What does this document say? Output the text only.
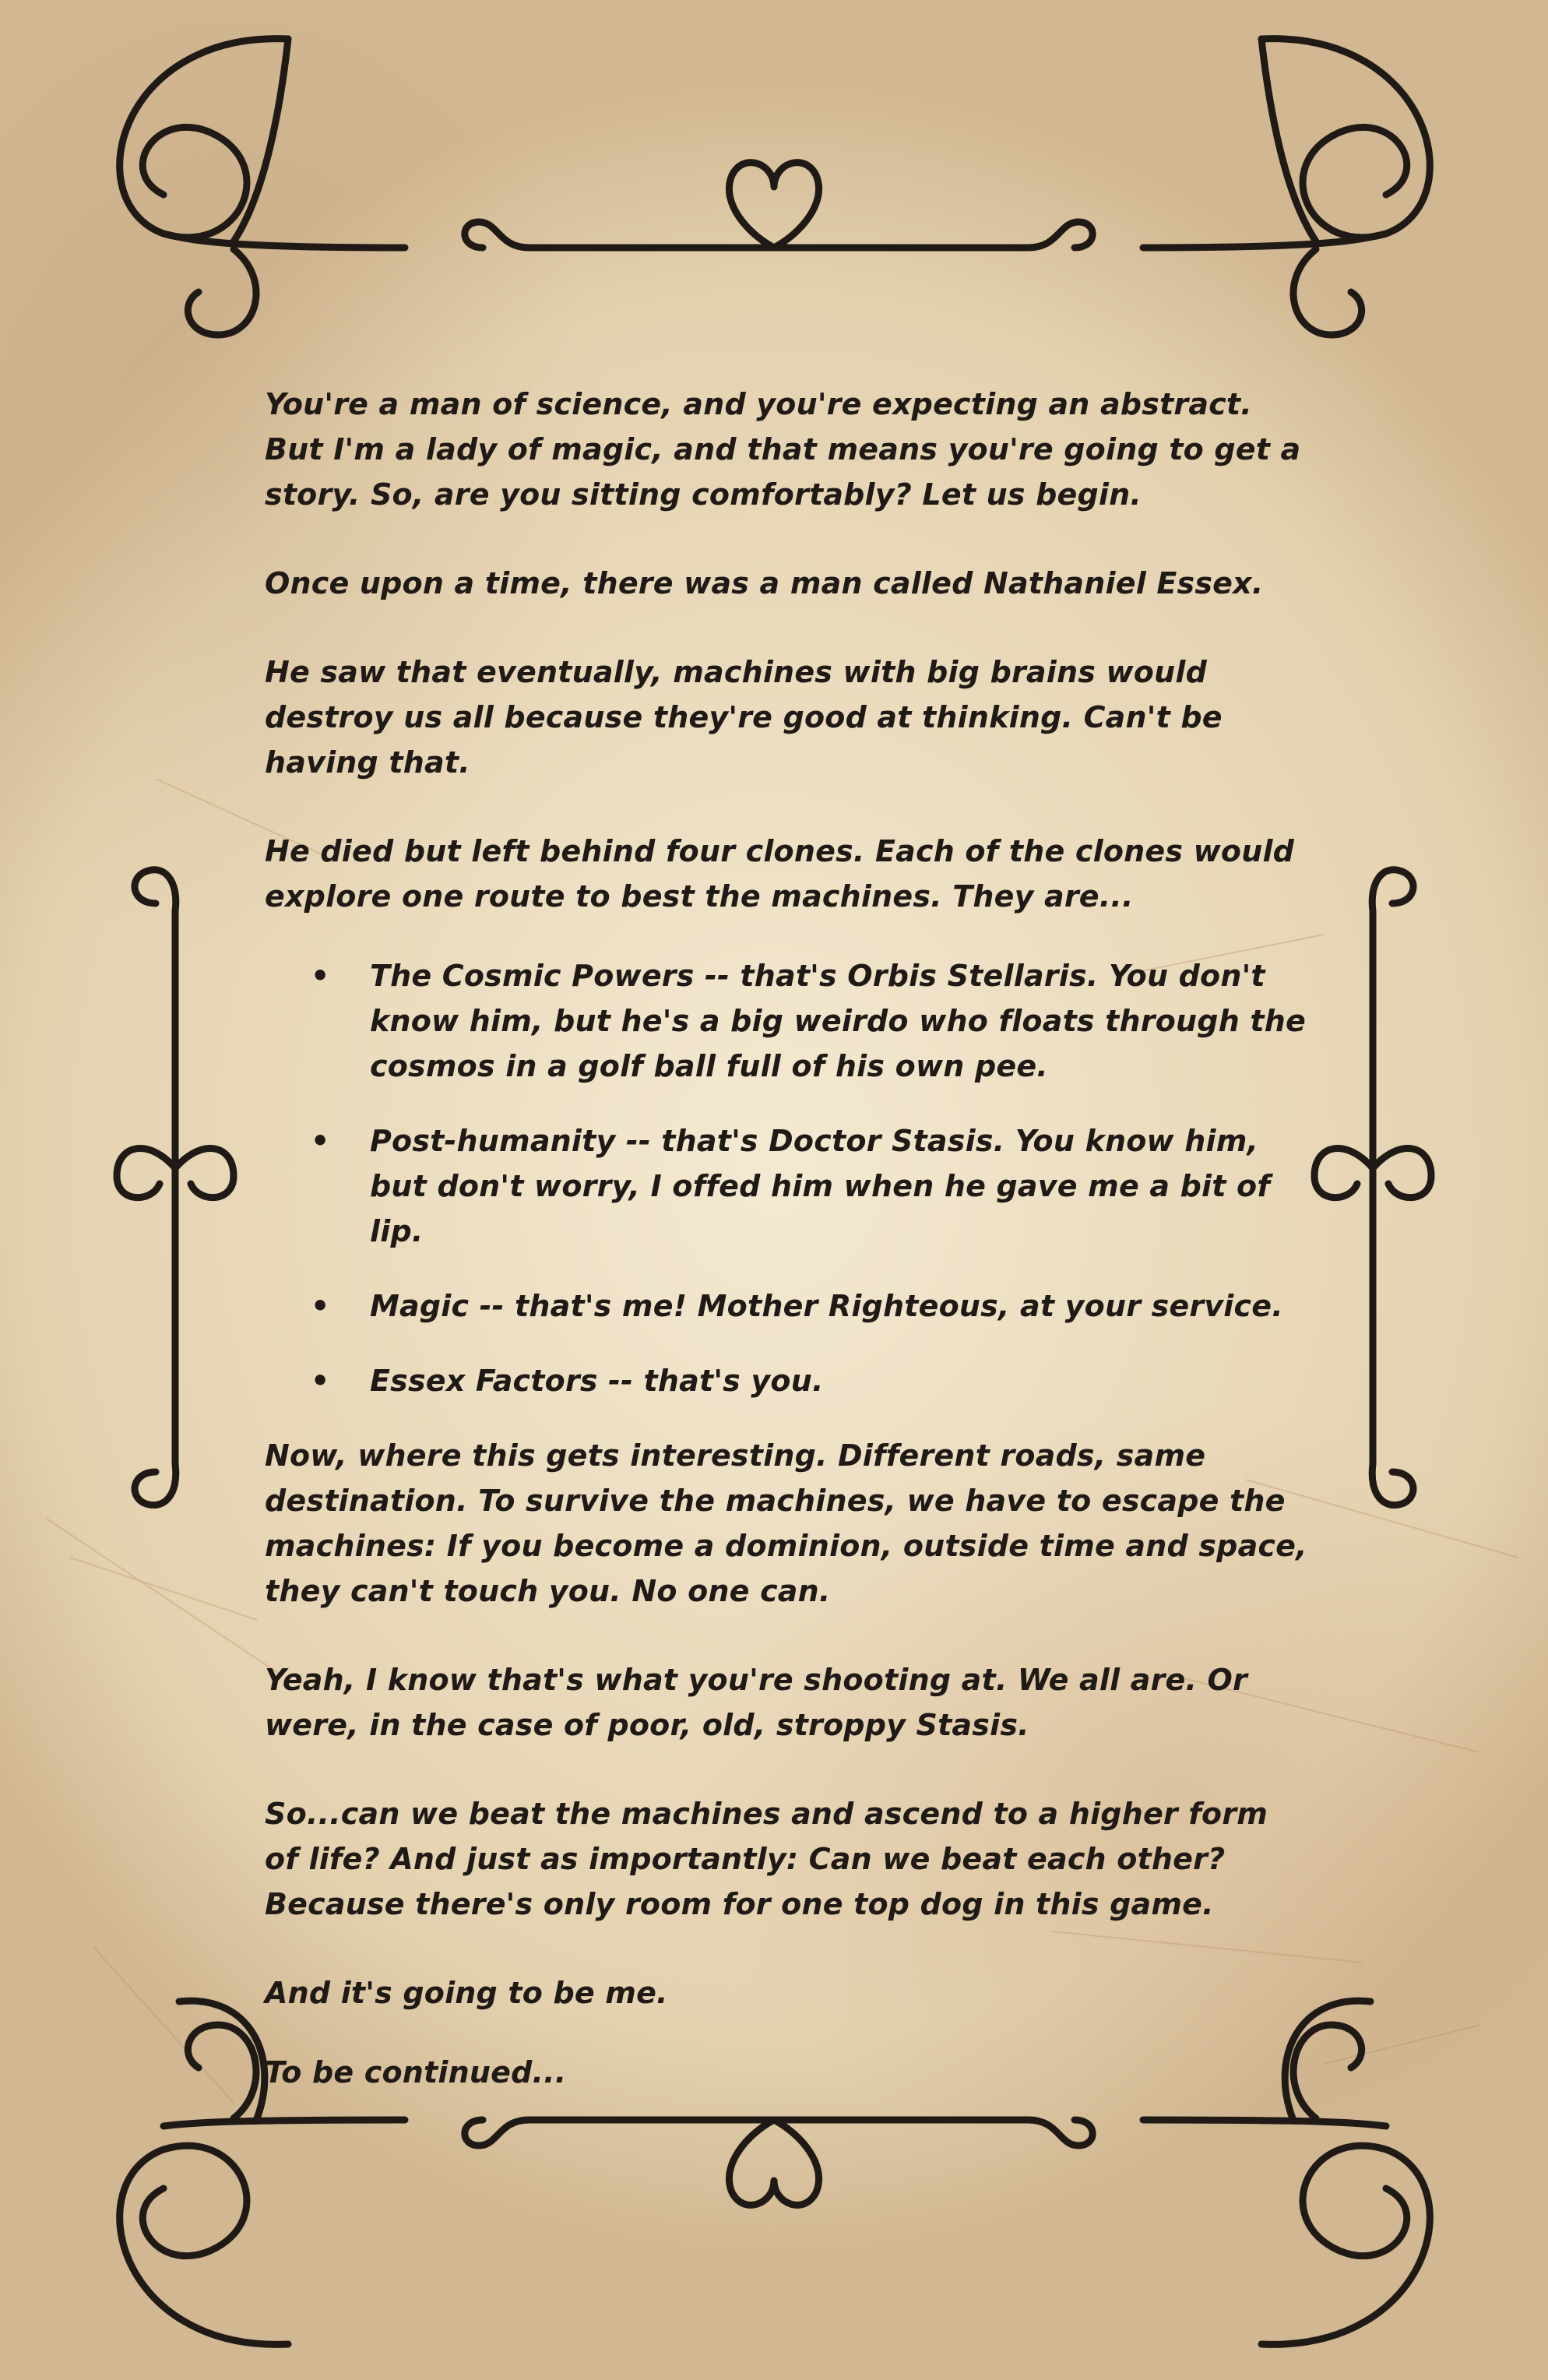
You're a man of science, and you're expecting an abstract. But I'm a lady of magic, and that means you're going to get a story. So, are you sitting comfortably? Let us begin.

Once upon a time, there was a man called Nathaniel Essex.

He saw that eventually, machines with big brains would destroy us all because they're good at thinking. Can't be having that.

He died but left behind four clones. Each of the clones would explore one route to best the machines. They are...

• The Cosmic Powers -- that's Orbis Stellaris. You don't know him, but he's a big weirdo who floats through the cosmos in a golf ball full of his own pee.
• Post-humanity -- that's Doctor Stasis. You know him, but don't worry, I offed him when he gave me a bit of lip.
• Magic -- that's me! Mother Righteous, at your service.
• Essex Factors -- that's you.

Now, where this gets interesting. Different roads, same destination. To survive the machines, we have to escape the machines: If you become a dominion, outside time and space, they can't touch you. No one can.

Yeah, I know that's what you're shooting at. We all are. Or were, in the case of poor, old, stroppy Stasis.

So...can we beat the machines and ascend to a higher form of life? And just as importantly: Can we beat each other? Because there's only room for one top dog in this game.

And it's going to be me.

To be continued...
